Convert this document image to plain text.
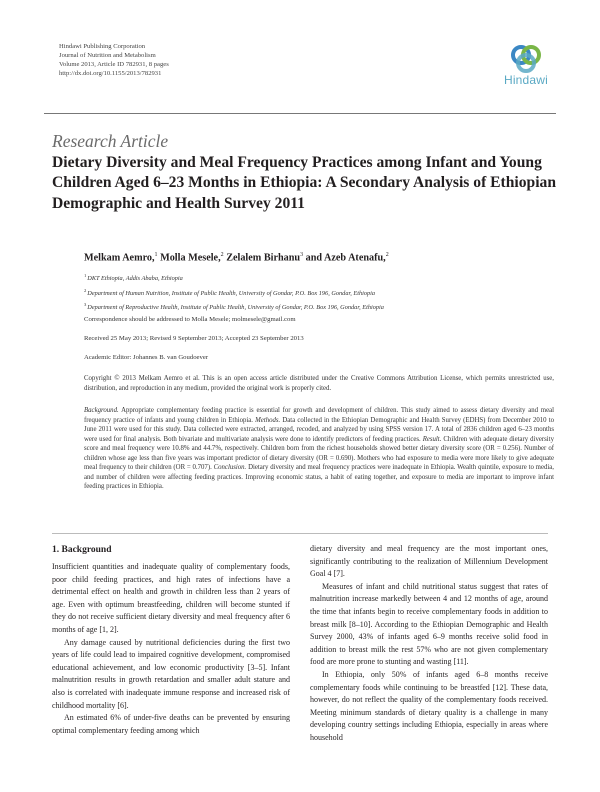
Hindawi Publishing Corporation
Journal of Nutrition and Metabolism
Volume 2013, Article ID 782931, 8 pages
http://dx.doi.org/10.1155/2013/782931	Hindawi
Research Article
Dietary Diversity and Meal Frequency Practices among Infant and Young Children Aged 6–23 Months in Ethiopia: A Secondary Analysis of Ethiopian Demographic and Health Survey 2011
Melkam Aemro,$^1$ Molla Mesele,$^2$ Zelalem Birhanu$^3$ and Azeb Atenafu,$^2$
$^1$DKT Ethiopia, Addis Ababa, Ethiopia
$^2$Department of Human Nutrition, Institute of Public Health, University of Gondar, P.O. Box 196, Gondar, Ethiopia
$^3$Department of Reproductive Health, Institute of Public Health, University of Gondar, P.O. Box 196, Gondar, Ethiopia
Correspondence should be addressed to Molla Mesele; molmesele@gmail.com
Received 25 May 2013; Revised 9 September 2013; Accepted 23 September 2013
Academic Editor: Johannes B. van Goudoever
Copyright © 2013 Melkam Aemro et al. This is an open access article distributed under the Creative Commons Attribution License, which permits unrestricted use, distribution, and reproduction in any medium, provided the original work is properly cited.
Background. Appropriate complementary feeding practice is essential for growth and development of children. This study aimed to assess dietary diversity and meal frequency practice of infants and young children in Ethiopia. Methods. Data collected in the Ethiopian Demographic and Health Survey (EDHS) from December 2010 to June 2011 were used for this study. Data collected were extracted, arranged, recoded, and analyzed by using SPSS version 17. A total of 2836 children aged 6–23 months were used for final analysis. Both bivariate and multivariate analysis were done to identify predictors of feeding practices. Result. Children with adequate dietary diversity score and meal frequency were 10.8% and 44.7%, respectively. Children born from the richest households showed better dietary diversity score (OR = 0.256). Number of children whose age less than five years was important predictor of dietary diversity (OR = 0.690). Mothers who had exposure to media were more likely to give adequate meal frequency to their children (OR = 0.707). Conclusion. Dietary diversity and meal frequency practices were inadequate in Ethiopia. Wealth quintile, exposure to media, and number of children were affecting feeding practices. Improving economic status, a habit of eating together, and exposure to media are important to improve infant feeding practices in Ethiopia.
1. Background

Insufficient quantities and inadequate quality of complementary foods, poor child feeding practices, and high rates of infections have a detrimental effect on health and growth in children less than 2 years of age. Even with optimum breastfeeding, children will become stunted if they do not receive sufficient dietary diversity and meal frequency after 6 months of age [1, 2].

Any damage caused by nutritional deficiencies during the first two years of life could lead to impaired cognitive development, compromised educational achievement, and low economic productivity [3–5]. Infant malnutrition results in growth retardation and smaller adult stature and also is correlated with inadequate immune response and increased risk of childhood mortality [6].

An estimated 6% of under-five deaths can be prevented by ensuring optimal complementary feeding among which

dietary diversity and meal frequency are the most important ones, significantly contributing to the realization of Millennium Development Goal 4 [7].

Measures of infant and child nutritional status suggest that rates of malnutrition increase markedly between 4 and 12 months of age, around the time that infants begin to receive complementary foods in addition to breast milk [8–10]. According to the Ethiopian Demographic and Health Survey 2000, 43% of infants aged 6–9 months receive solid food in addition to breast milk the rest 57% who are not given complementary food are more prone to stunting and wasting [11].

In Ethiopia, only 50% of infants aged 6–8 months receive complementary foods while continuing to be breastfed [12]. These data, however, do not reflect the quality of the complementary foods received. Meeting minimum standards of dietary quality is a challenge in many developing country settings including Ethiopia, especially in areas where household
